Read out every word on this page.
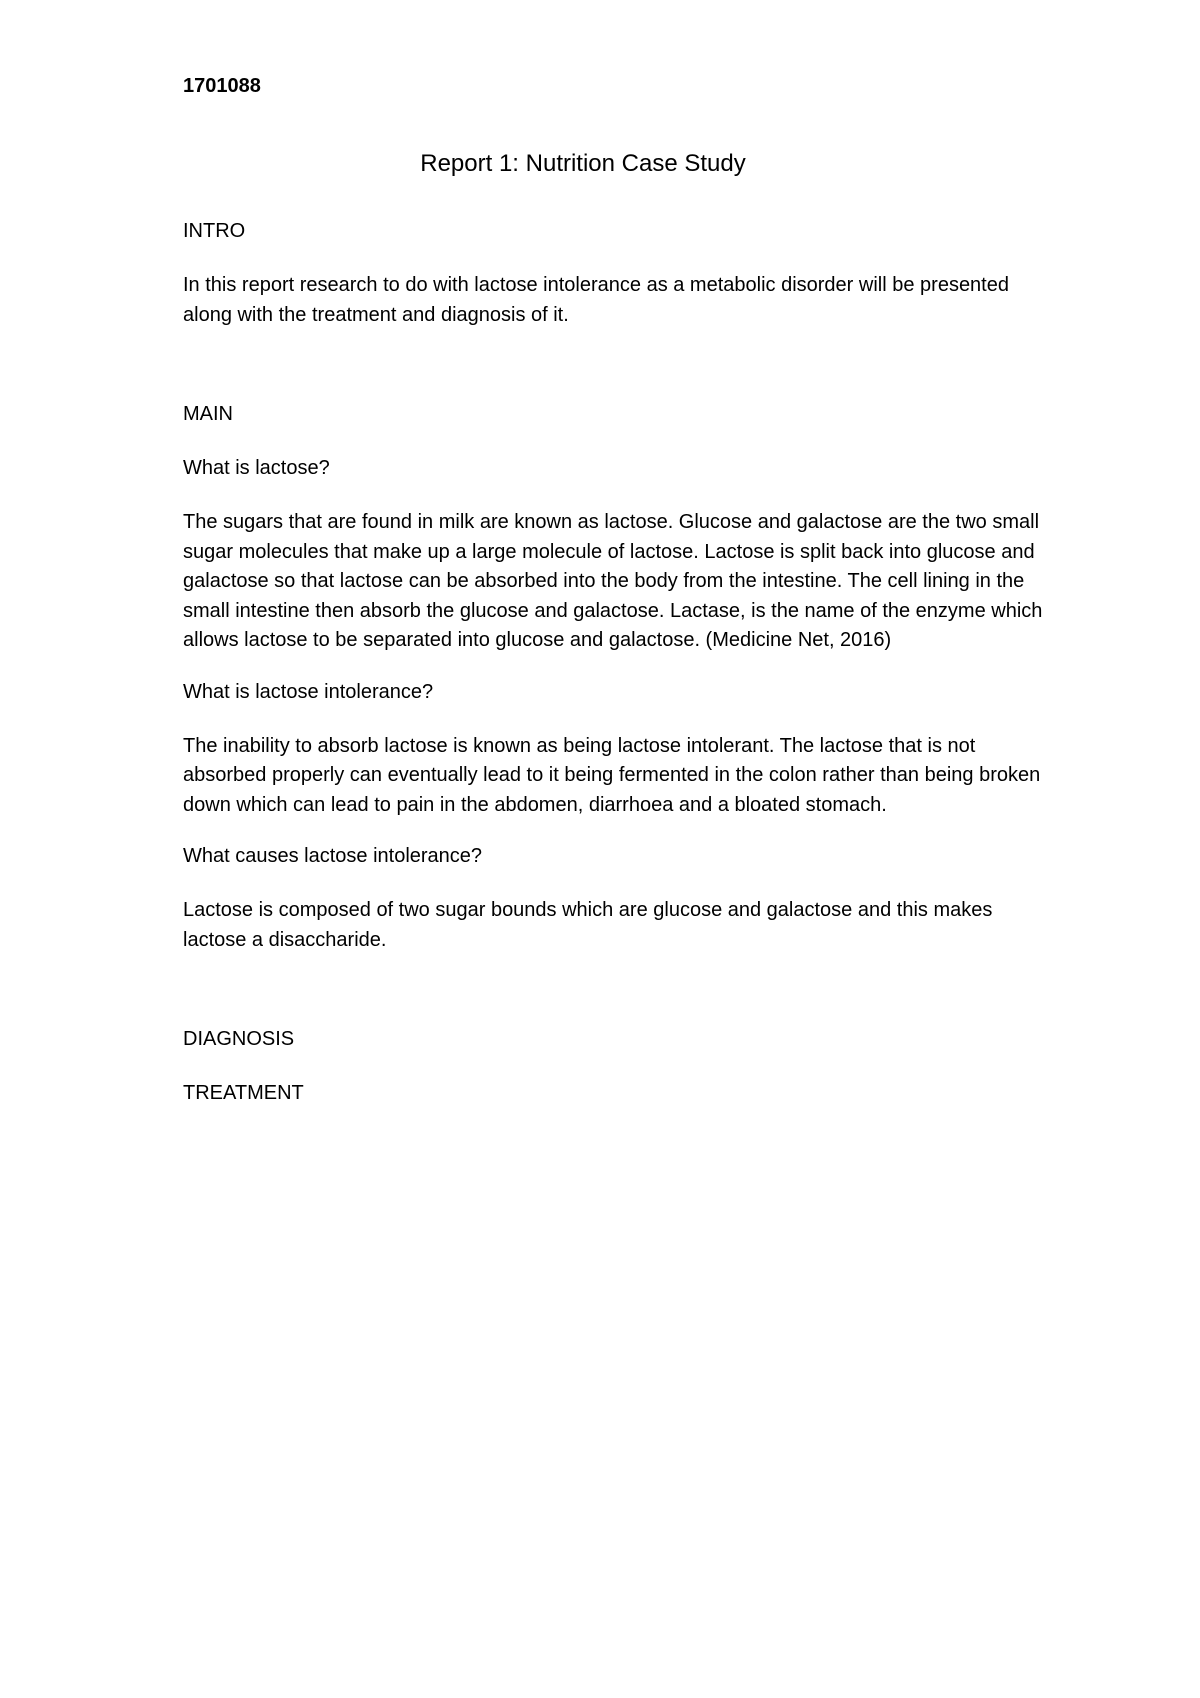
1701088

Report 1: Nutrition Case Study

INTRO

In this report research to do with lactose intolerance as a metabolic disorder will be presented along with the treatment and diagnosis of it.

MAIN

What is lactose?

The sugars that are found in milk are known as lactose. Glucose and galactose are the two small sugar molecules that make up a large molecule of lactose. Lactose is split back into glucose and galactose so that lactose can be absorbed into the body from the intestine. The cell lining in the small intestine then absorb the glucose and galactose. Lactase, is the name of the enzyme which allows lactose to be separated into glucose and galactose. (Medicine Net, 2016)

What is lactose intolerance?

The inability to absorb lactose is known as being lactose intolerant. The lactose that is not absorbed properly can eventually lead to it being fermented in the colon rather than being broken down which can lead to pain in the abdomen, diarrhoea and a bloated stomach.

What causes lactose intolerance?

Lactose is composed of two sugar bounds which are glucose and galactose and this makes lactose a disaccharide.

DIAGNOSIS

TREATMENT
